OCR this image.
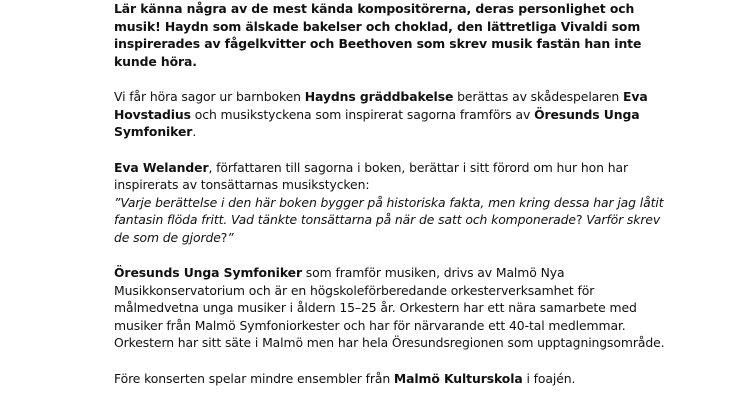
Lär känna några av de mest kända kompositörerna, deras personlighet och musik! Haydn som älskade bakelser och choklad, den lättretliga Vivaldi som inspirerades av fågelkvitter och Beethoven som skrev musik fastän han inte kunde höra.

Vi får höra sagor ur barnboken Haydns gräddbakelse berättas av skådespelaren Eva Hovstadius och musikstyckena som inspirerat sagorna framförs av Öresunds Unga Symfoniker.

Eva Welander, författaren till sagorna i boken, berättar i sitt förord om hur hon har inspirerats av tonsättarnas musikstycken:
”Varje berättelse i den här boken bygger på historiska fakta, men kring dessa har jag låtit fantasin flöda fritt. Vad tänkte tonsättarna på när de satt och komponerade? Varför skrev de som de gjorde?”

Öresunds Unga Symfoniker som framför musiken, drivs av Malmö Nya Musikkonservatorium och är en högskoleförberedande orkesterverksamhet för målmedvetna unga musiker i åldern 15–25 år. Orkestern har ett nära samarbete med musiker från Malmö Symfoniorkester och har för närvarande ett 40-tal medlemmar. Orkestern har sitt säte i Malmö men har hela Öresundsregionen som upptagningsområde.

Före konserten spelar mindre ensembler från Malmö Kulturskola i foajén.
